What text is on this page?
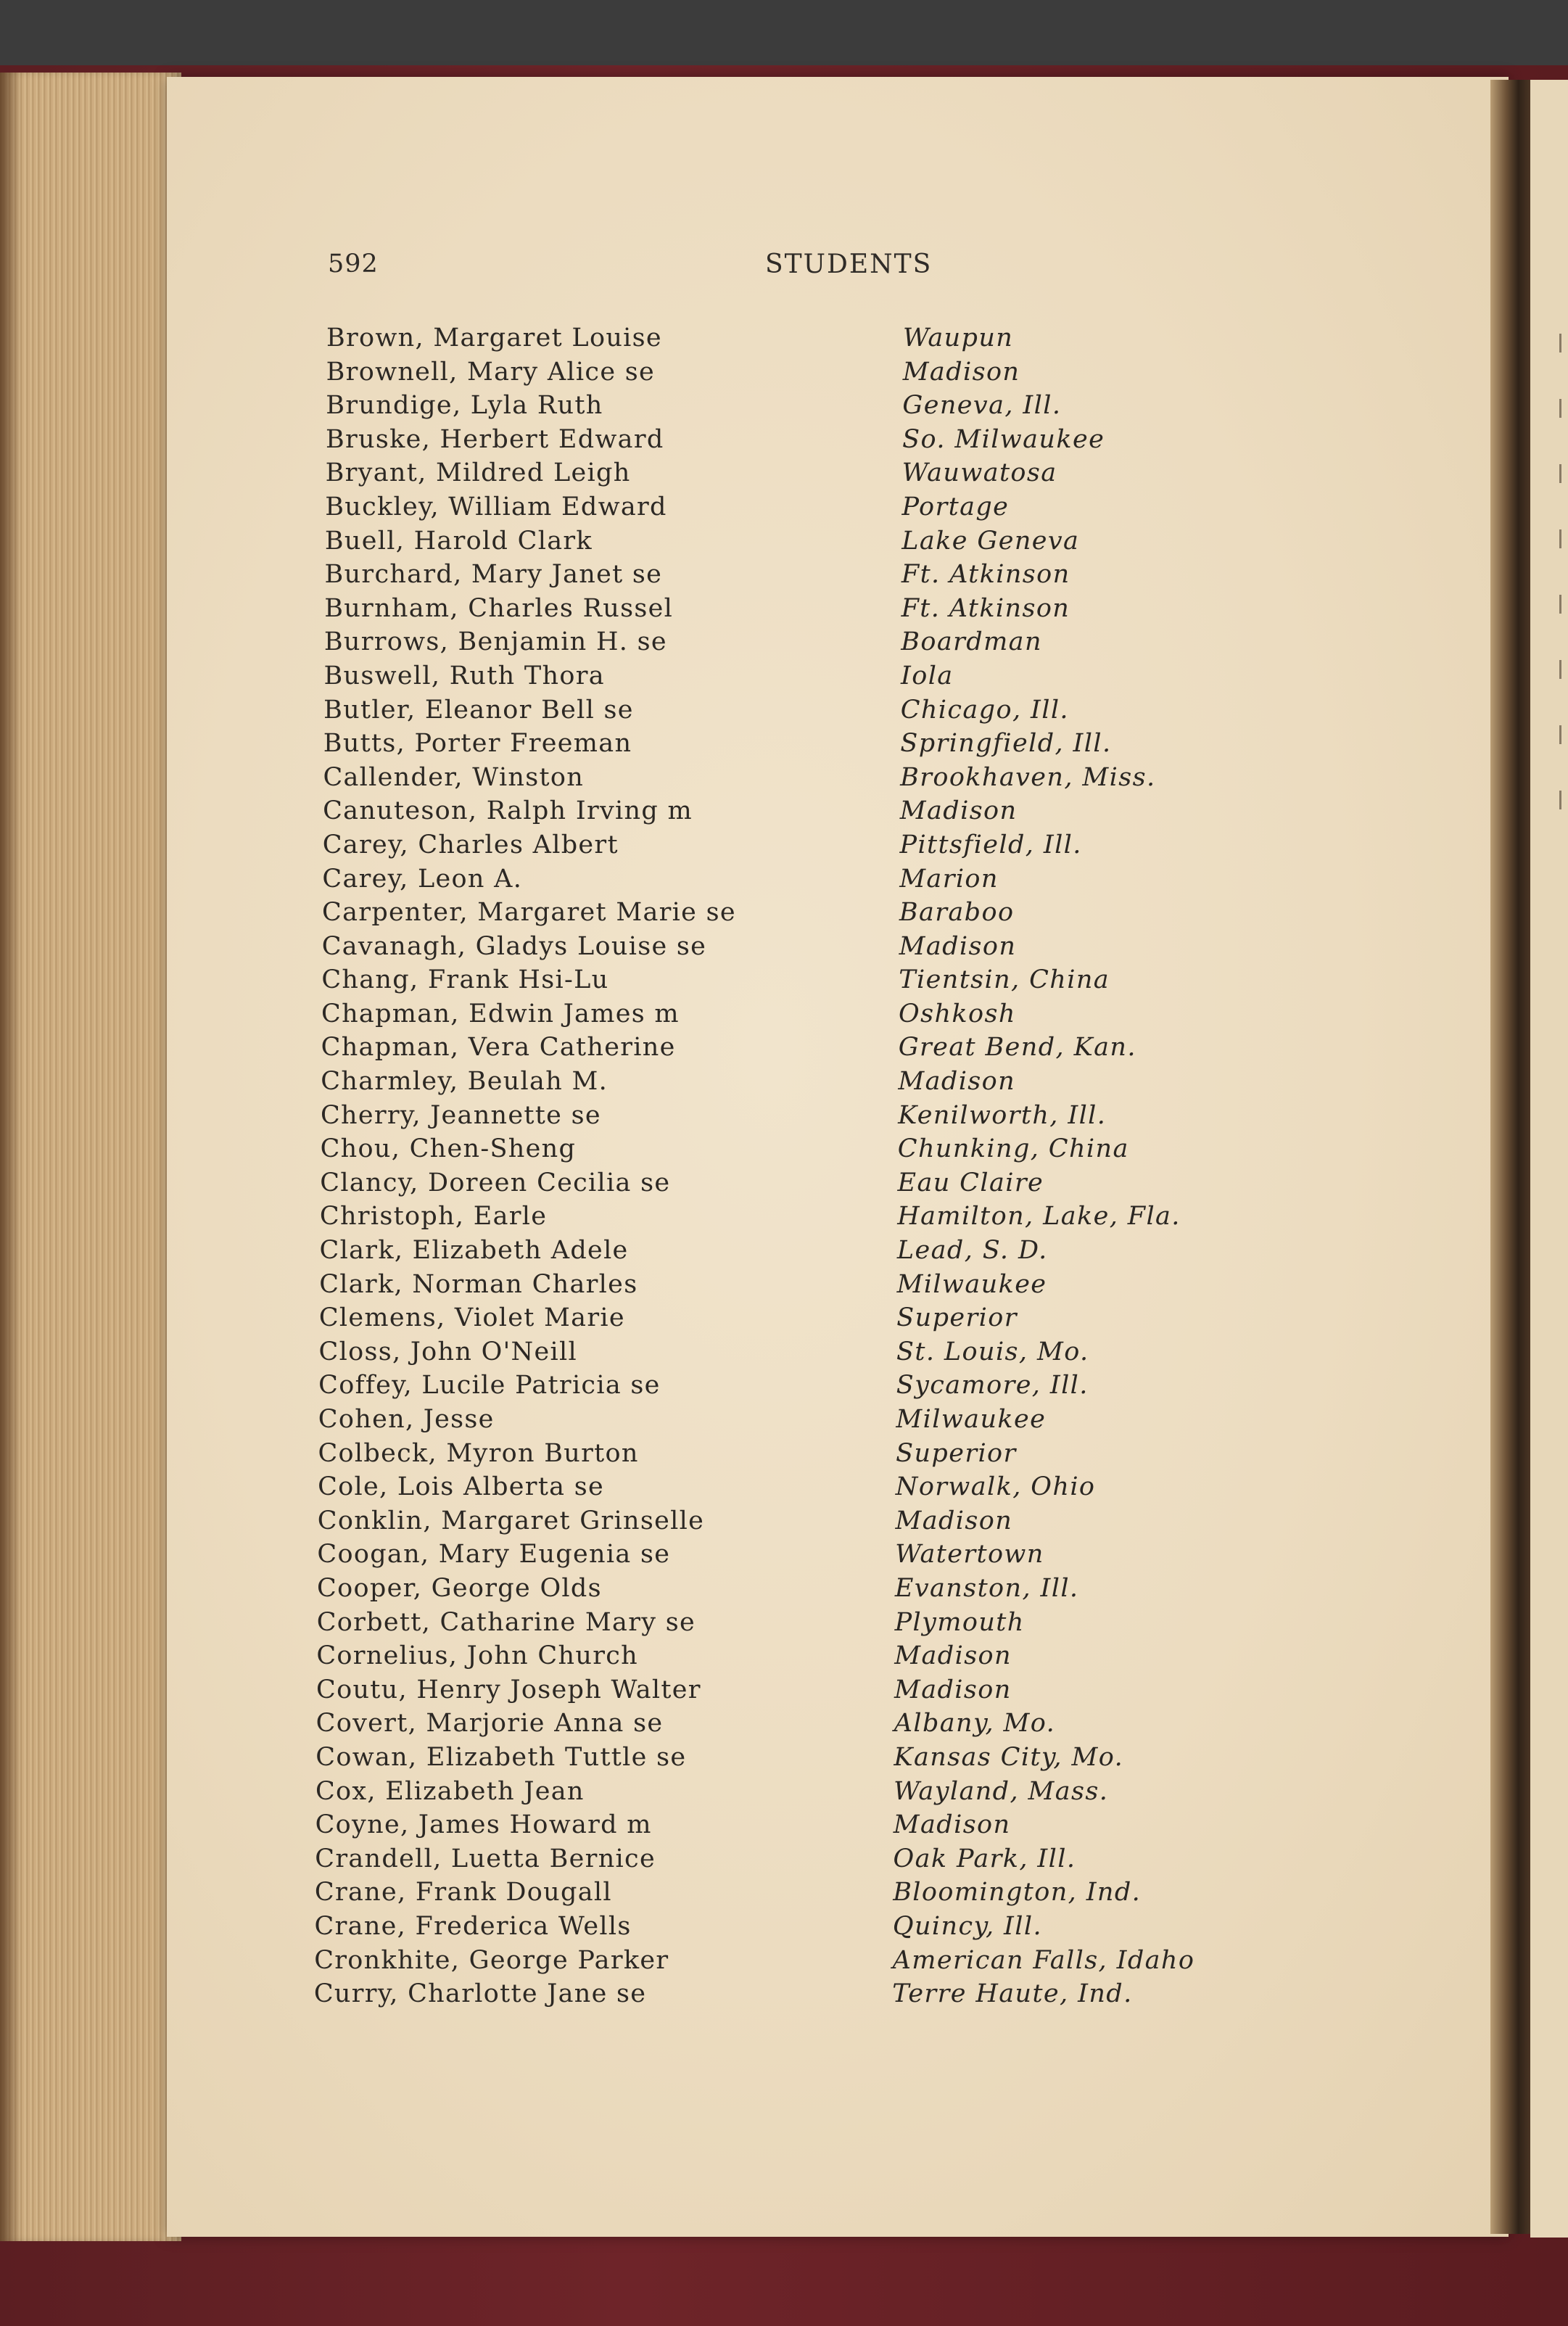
592	STUDENTS
Brown, Margaret Louise	Waupun
Brownell, Mary Alice se	Madison
Brundige, Lyla Ruth	Geneva, Ill.
Bruske, Herbert Edward	So. Milwaukee
Bryant, Mildred Leigh	Wauwatosa
Buckley, William Edward	Portage
Buell, Harold Clark	Lake Geneva
Burchard, Mary Janet se	Ft. Atkinson
Burnham, Charles Russel	Ft. Atkinson
Burrows, Benjamin H. se	Boardman
Buswell, Ruth Thora	Iola
Butler, Eleanor Bell se	Chicago, Ill.
Butts, Porter Freeman	Springfield, Ill.
Callender, Winston	Brookhaven, Miss.
Canuteson, Ralph Irving m	Madison
Carey, Charles Albert	Pittsfield, Ill.
Carey, Leon A.	Marion
Carpenter, Margaret Marie se	Baraboo
Cavanagh, Gladys Louise se	Madison
Chang, Frank Hsi-Lu	Tientsin, China
Chapman, Edwin James m	Oshkosh
Chapman, Vera Catherine	Great Bend, Kan.
Charmley, Beulah M.	Madison
Cherry, Jeannette se	Kenilworth, Ill.
Chou, Chen-Sheng	Chunking, China
Clancy, Doreen Cecilia se	Eau Claire
Christoph, Earle	Hamilton, Lake, Fla.
Clark, Elizabeth Adele	Lead, S. D.
Clark, Norman Charles	Milwaukee
Clemens, Violet Marie	Superior
Closs, John O'Neill	St. Louis, Mo.
Coffey, Lucile Patricia se	Sycamore, Ill.
Cohen, Jesse	Milwaukee
Colbeck, Myron Burton	Superior
Cole, Lois Alberta se	Norwalk, Ohio
Conklin, Margaret Grinselle	Madison
Coogan, Mary Eugenia se	Watertown
Cooper, George Olds	Evanston, Ill.
Corbett, Catharine Mary se	Plymouth
Cornelius, John Church	Madison
Coutu, Henry Joseph Walter	Madison
Covert, Marjorie Anna se	Albany, Mo.
Cowan, Elizabeth Tuttle se	Kansas City, Mo.
Cox, Elizabeth Jean	Wayland, Mass.
Coyne, James Howard m	Madison
Crandell, Luetta Bernice	Oak Park, Ill.
Crane, Frank Dougall	Bloomington, Ind.
Crane, Frederica Wells	Quincy, Ill.
Cronkhite, George Parker	American Falls, Idaho
Curry, Charlotte Jane se	Terre Haute, Ind.
